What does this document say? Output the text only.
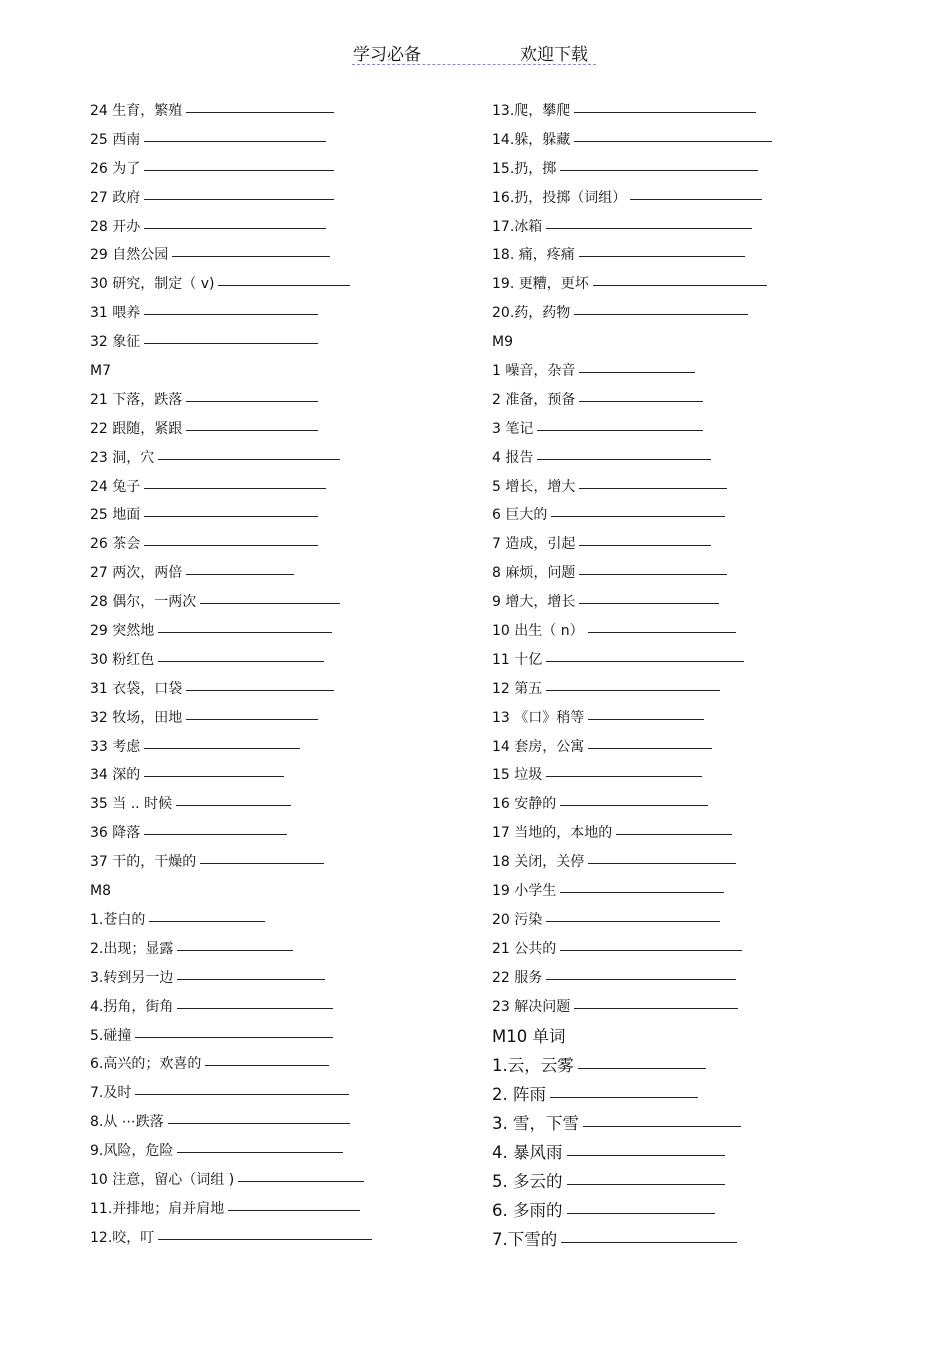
学习必备	欢迎下载
24 生育，繁殖
25 西南
26 为了
27 政府
28 开办
29 自然公园
30 研究，制定（ v)
31 喂养
32 象征
M7
21 下落，跌落
22 跟随，紧跟
23 洞，穴
24 兔子
25 地面
26 茶会
27 两次，两倍
28 偶尔，一两次
29 突然地
30 粉红色
31 衣袋，口袋
32 牧场，田地
33 考虑
34 深的
35 当 .. 时候
36 降落
37 干的，干燥的
M8
1.苍白的
2.出现；显露
3.转到另一边
4.拐角，街角
5.碰撞
6.高兴的；欢喜的
7.及时
8.从 ⋯跌落
9.风险，危险
10 注意，留心（词组 )
11.并排地；肩并肩地
12.咬，叮
13.爬，攀爬
14.躲，躲藏
15.扔，掷
16.扔，投掷（词组）
17.冰箱
18. 痛，疼痛
19. 更糟，更坏
20.药，药物
M9
1 噪音，杂音
2 准备，预备
3 笔记
4 报告
5 增长，增大
6 巨大的
7 造成，引起
8 麻烦，问题
9 增大，增长
10 出生（ n）
11 十亿
12 第五
13 《口》稍等
14 套房，公寓
15 垃圾
16 安静的
17 当地的，本地的
18 关闭，关停
19 小学生
20 污染
21 公共的
22 服务
23 解决问题
M10 单词
1.云，云雾
2. 阵雨
3. 雪，下雪
4. 暴风雨
5. 多云的
6. 多雨的
7.下雪的
